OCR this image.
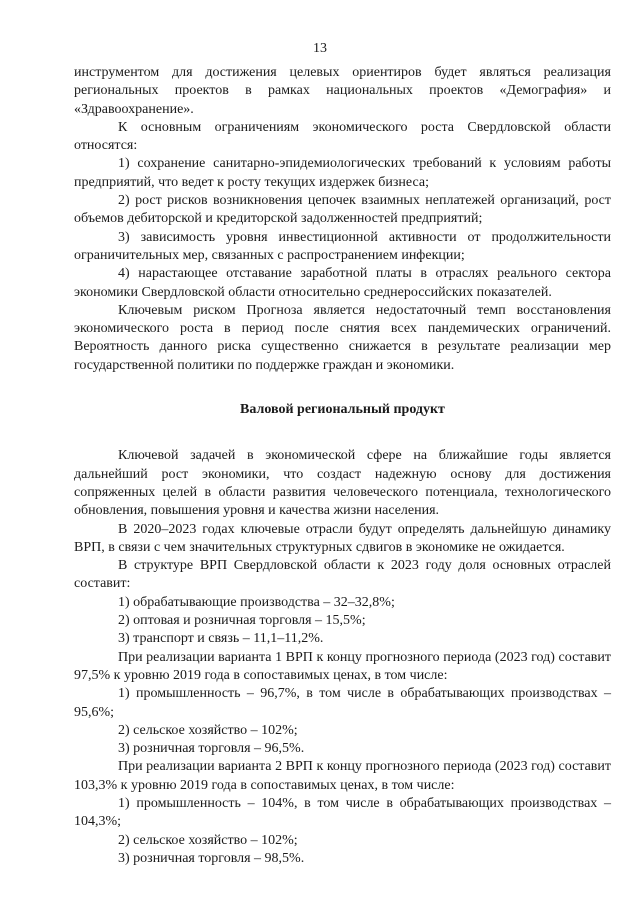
13

инструментом для достижения целевых ориентиров будет являться реализация региональных проектов в рамках национальных проектов «Демография» и «Здравоохранение».

К основным ограничениям экономического роста Свердловской области относятся:

1) сохранение санитарно-эпидемиологических требований к условиям работы предприятий, что ведет к росту текущих издержек бизнеса;

2) рост рисков возникновения цепочек взаимных неплатежей организаций, рост объемов дебиторской и кредиторской задолженностей предприятий;

3) зависимость уровня инвестиционной активности от продолжительности ограничительных мер, связанных с распространением инфекции;

4) нарастающее отставание заработной платы в отраслях реального сектора экономики Свердловской области относительно среднероссийских показателей.

Ключевым риском Прогноза является недостаточный темп восстановления экономического роста в период после снятия всех пандемических ограничений. Вероятность данного риска существенно снижается в результате реализации мер государственной политики по поддержке граждан и экономики.

Валовой региональный продукт

Ключевой задачей в экономической сфере на ближайшие годы является дальнейший рост экономики, что создаст надежную основу для достижения сопряженных целей в области развития человеческого потенциала, технологического обновления, повышения уровня и качества жизни населения.

В 2020–2023 годах ключевые отрасли будут определять дальнейшую динамику ВРП, в связи с чем значительных структурных сдвигов в экономике не ожидается.

В структуре ВРП Свердловской области к 2023 году доля основных отраслей составит:

1) обрабатывающие производства – 32–32,8%;

2) оптовая и розничная торговля – 15,5%;

3) транспорт и связь – 11,1–11,2%.

При реализации варианта 1 ВРП к концу прогнозного периода (2023 год) составит 97,5% к уровню 2019 года в сопоставимых ценах, в том числе:

1) промышленность – 96,7%, в том числе в обрабатывающих производствах – 95,6%;

2) сельское хозяйство – 102%;

3) розничная торговля – 96,5%.

При реализации варианта 2 ВРП к концу прогнозного периода (2023 год) составит 103,3% к уровню 2019 года в сопоставимых ценах, в том числе:

1) промышленность – 104%, в том числе в обрабатывающих производствах – 104,3%;

2) сельское хозяйство – 102%;

3) розничная торговля – 98,5%.
